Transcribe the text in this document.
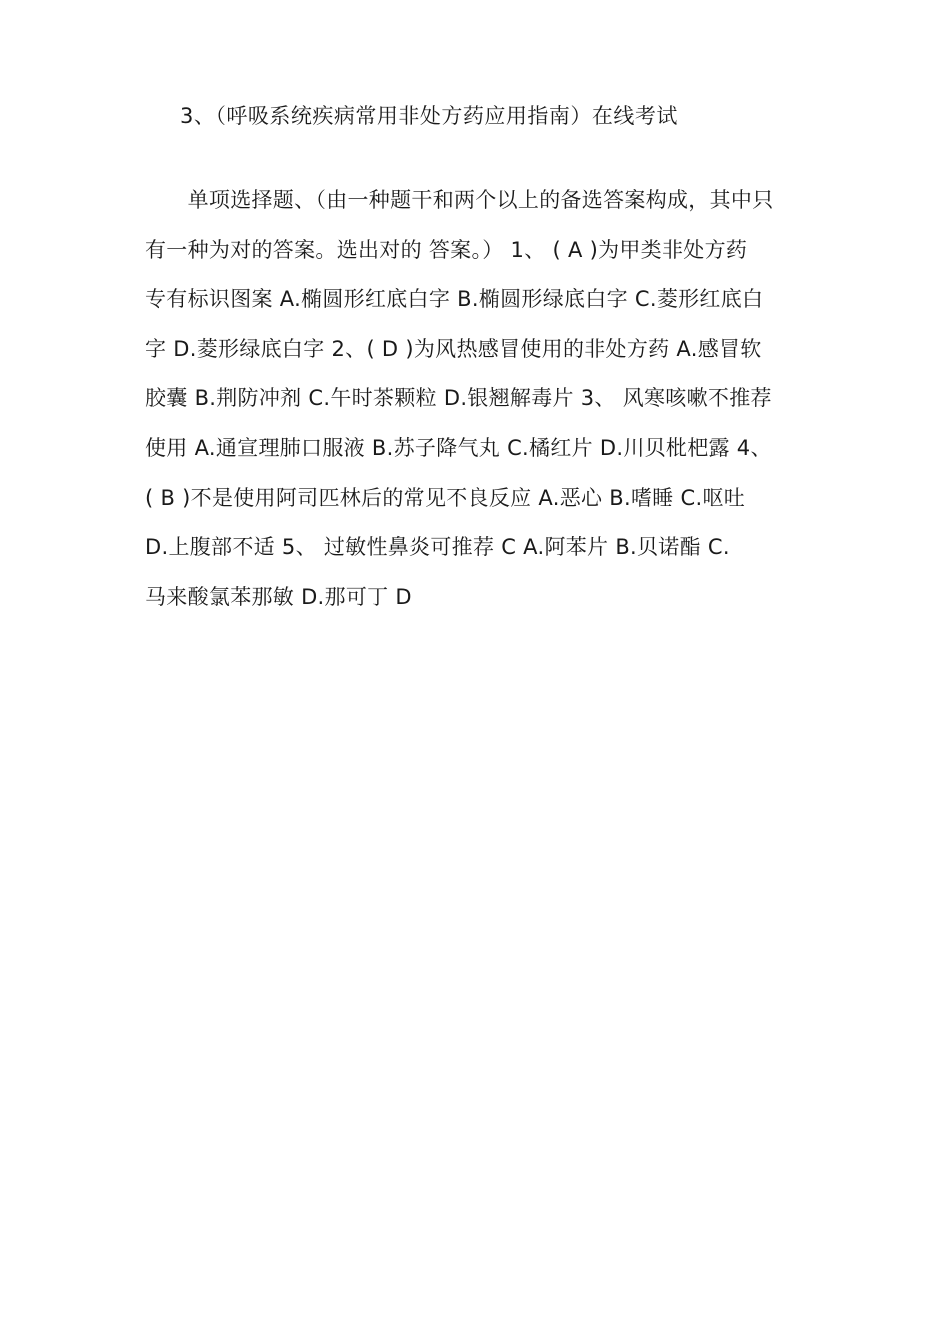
3、（呼吸系统疾病常用非处方药应用指南）在线考试
　　单项选择题、（由一种题干和两个以上的备选答案构成，其中只
有一种为对的答案。选出对的 答案。） 1、 ( A )为甲类非处方药
专有标识图案 A.椭圆形红底白字 B.椭圆形绿底白字 C.菱形红底白
字 D.菱形绿底白字 2、( D )为风热感冒使用的非处方药 A.感冒软
胶囊 B.荆防冲剂 C.午时茶颗粒 D.银翘解毒片 3、 风寒咳嗽不推荐
使用 A.通宣理肺口服液 B.苏子降气丸 C.橘红片 D.川贝枇杷露 4、
( B )不是使用阿司匹林后的常见不良反应 A.恶心 B.嗜睡 C.呕吐
D.上腹部不适 5、 过敏性鼻炎可推荐 C A.阿苯片 B.贝诺酯 C.
马来酸氯苯那敏 D.那可丁 D
